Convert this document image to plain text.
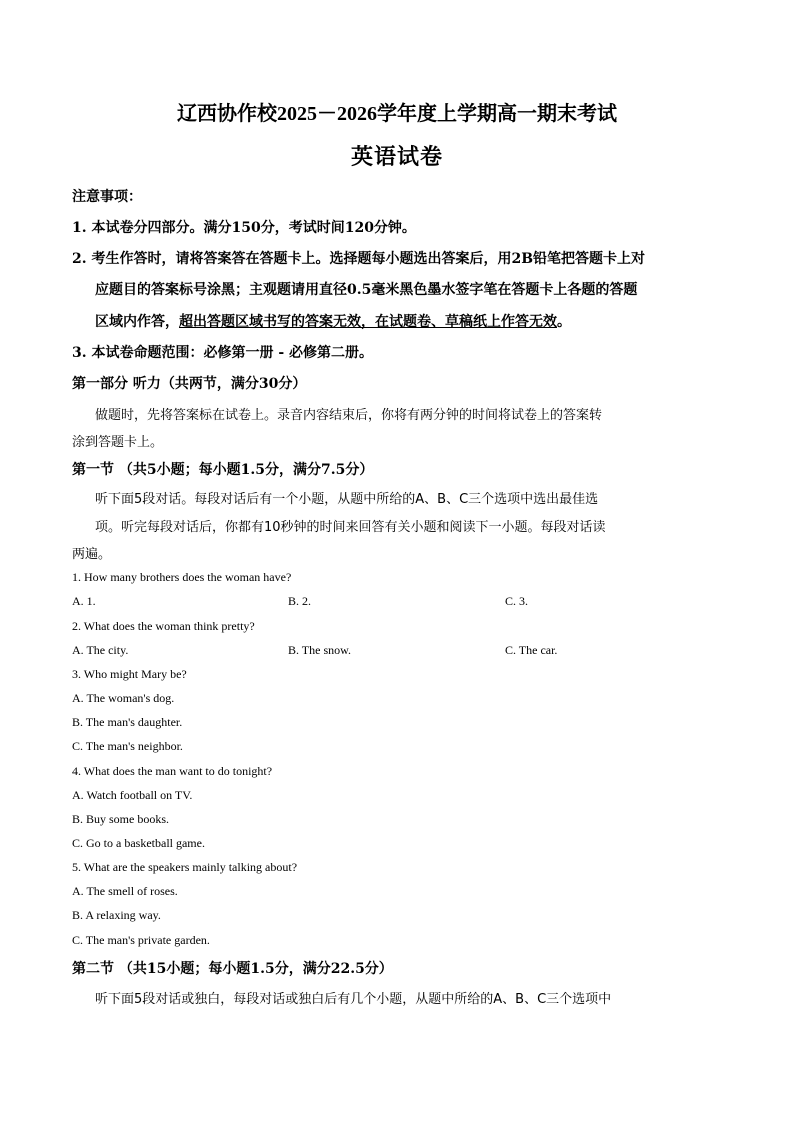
辽西协作校2025－2026学年度上学期高一期末考试
英语试卷
注意事项：
1. 本试卷分四部分。满分150分，考试时间120分钟。
2. 考生作答时，请将答案答在答题卡上。选择题每小题选出答案后，用2B铅笔把答题卡上对
应题目的答案标号涂黑；主观题请用直径0.5毫米黑色墨水签字笔在答题卡上各题的答题
区域内作答，超出答题区域书写的答案无效，在试题卷、草稿纸上作答无效。
3. 本试卷命题范围：必修第一册 - 必修第二册。
第一部分 听力（共两节，满分30分）
做题时，先将答案标在试卷上。录音内容结束后，你将有两分钟的时间将试卷上的答案转
涂到答题卡上。
第一节 （共5小题；每小题1.5分，满分7.5分）
听下面5段对话。每段对话后有一个小题，从题中所给的A、B、C三个选项中选出最佳选
项。听完每段对话后，你都有10秒钟的时间来回答有关小题和阅读下一小题。每段对话读
两遍。
1. How many brothers does the woman have?
A. 1.	B. 2.	C. 3.
2. What does the woman think pretty?
A. The city.	B. The snow.	C. The car.
3. Who might Mary be?
A. The woman's dog.
B. The man's daughter.
C. The man's neighbor.
4. What does the man want to do tonight?
A. Watch football on TV.
B. Buy some books.
C. Go to a basketball game.
5. What are the speakers mainly talking about?
A. The smell of roses.
B. A relaxing way.
C. The man's private garden.
第二节 （共15小题；每小题1.5分，满分22.5分）
听下面5段对话或独白，每段对话或独白后有几个小题，从题中所给的A、B、C三个选项中
